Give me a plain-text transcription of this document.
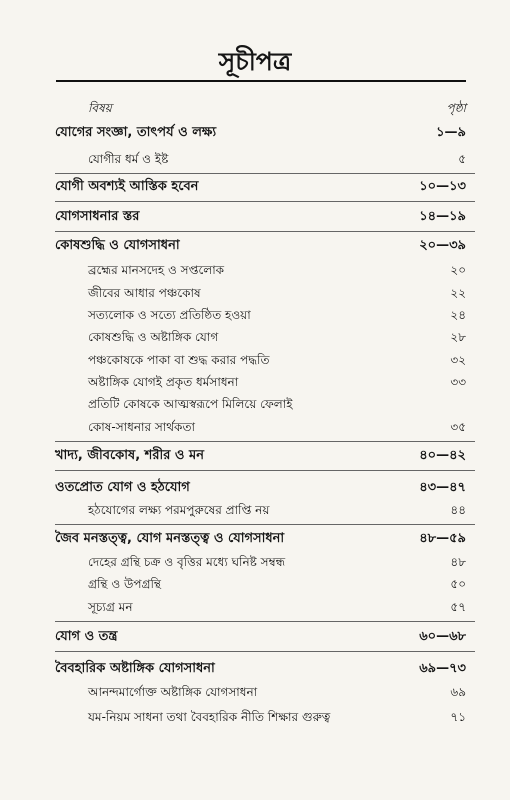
সূচীপত্র
বিষয়	পৃষ্ঠা
যোগের সংজ্ঞা, তাৎপর্য ও লক্ষ্য	১—৯
যোগীর ধর্ম ও ইষ্ট	৫
যোগী অবশ্যই আস্তিক হবেন	১০—১৩
যোগসাধনার স্তর	১৪—১৯
কোষশুদ্ধি ও যোগসাধনা	২০—৩৯
ব্রহ্মের মানসদেহ ও সপ্তলোক	২০
জীবের আধার পঞ্চকোষ	২২
সত্যলোক ও সত্যে প্রতিষ্ঠিত হওয়া	২৪
কোষশুদ্ধি ও অষ্টাঙ্গিক যোগ	২৮
পঞ্চকোষকে পাকা বা শুদ্ধ করার পদ্ধতি	৩২
অষ্টাঙ্গিক যোগই প্রকৃত ধর্মসাধনা	৩৩
প্রতিটি কোষকে আত্মস্বরূপে মিলিয়ে ফেলাই
কোষ-সাধনার সার্থকতা	৩৫
খাদ্য, জীবকোষ, শরীর ও মন	৪০—৪২
ওতপ্রোত যোগ ও হঠযোগ	৪৩—৪৭
হঠযোগের লক্ষ্য পরমপুরুষের প্রাপ্তি নয়	৪৪
জৈব মনস্তত্ত্ব, যোগ মনস্তত্ত্ব ও যোগসাধনা	৪৮—৫৯
দেহের গ্রন্থি চক্র ও বৃত্তির মধ্যে ঘনিষ্ট সম্বন্ধ	৪৮
গ্রন্থি ও উপগ্রন্থি	৫০
সূচ্যগ্র মন	৫৭
যোগ ও তন্ত্র	৬০—৬৮
বৈবহারিক অষ্টাঙ্গিক যোগসাধনা	৬৯—৭৩
আনন্দমার্গোক্ত অষ্টাঙ্গিক যোগসাধনা	৬৯
যম-নিয়ম সাধনা তথা বৈবহারিক নীতি শিক্ষার গুরুত্ব	৭১
